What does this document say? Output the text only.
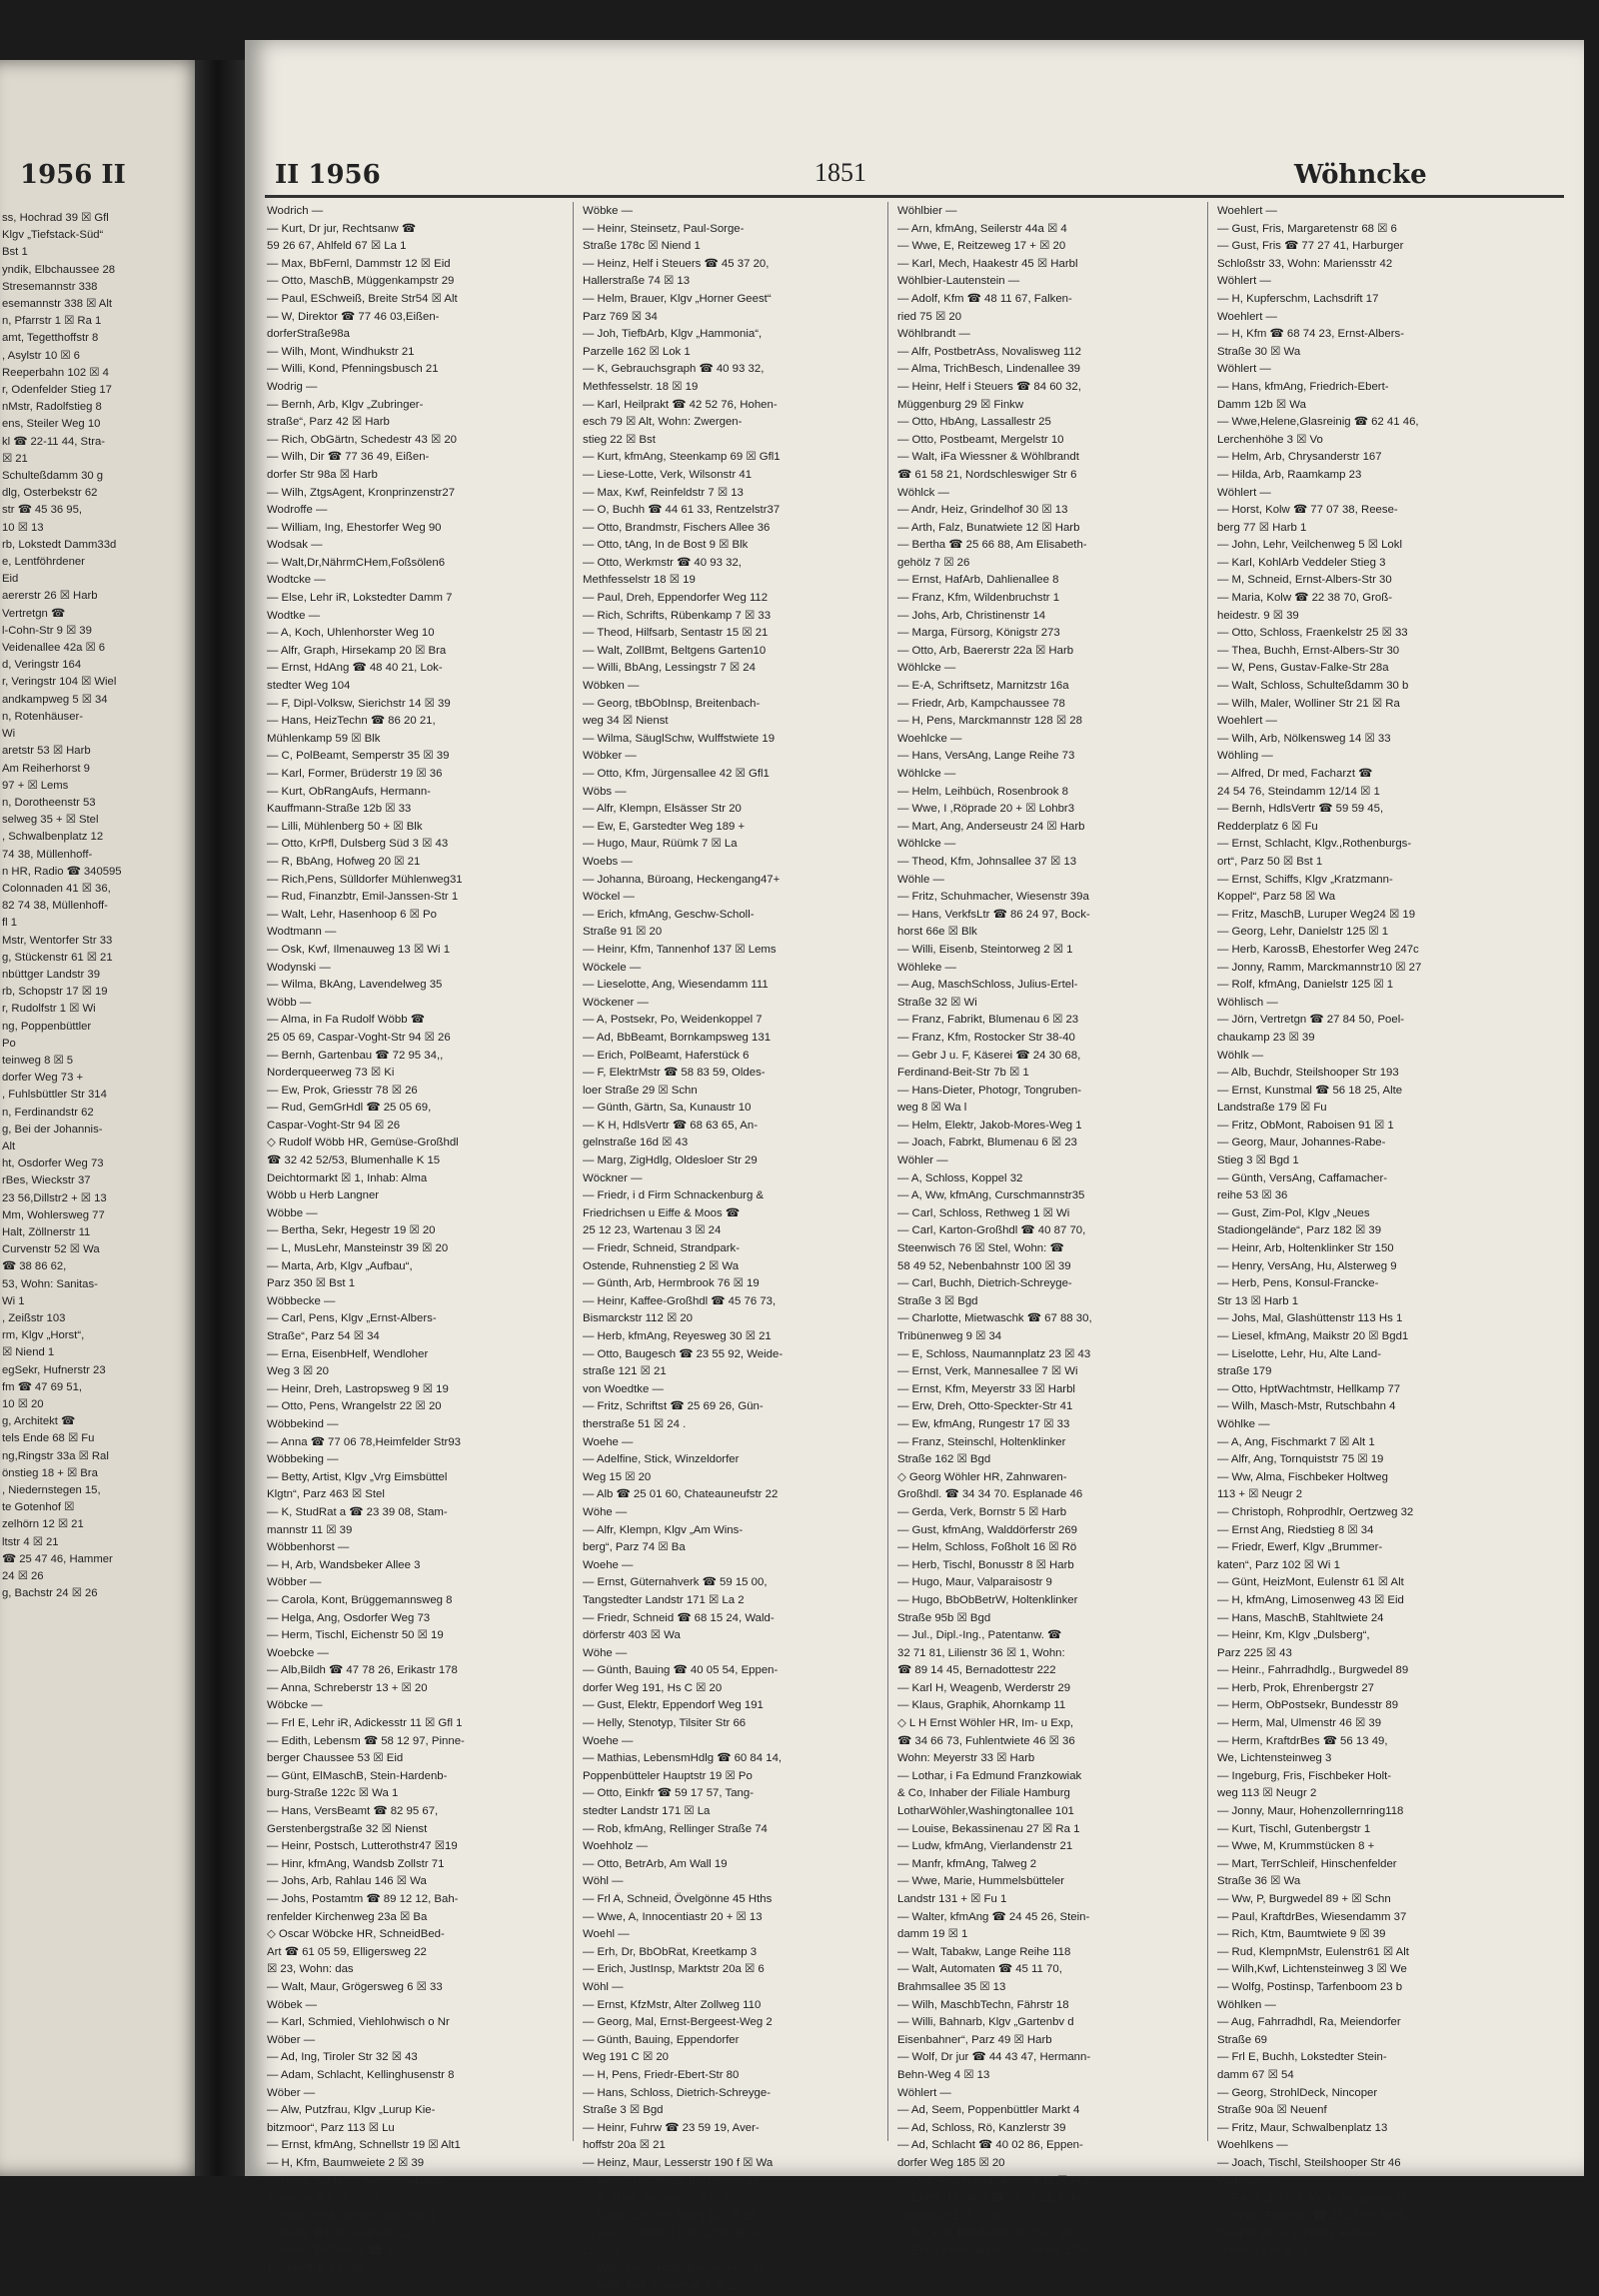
1956 II
ss, Hochrad 39 ☒ Gfl
Klgv „Tiefstack-Süd“
Bst 1
yndik, Elbchaussee 28
Stresemannstr 338
esemannstr 338 ☒ Alt
n, Pfarrstr 1 ☒ Ra 1
amt, Tegetthoffstr 8
, Asylstr 10 ☒ 6
Reeperbahn 102 ☒ 4
r, Odenfelder Stieg 17
nMstr, Radolfstieg 8
ens, Steiler Weg 10
kl ☎ 22-11 44, Stra-
☒ 21
Schulteßdamm 30 g
dlg, Osterbekstr 62
str ☎ 45 36 95,
10 ☒ 13
rb, Lokstedt Damm33d
e, Lentföhrdener
Eid
aererstr 26 ☒ Harb
Vertretgn ☎
l-Cohn-Str 9 ☒ 39
Veidenallee 42a ☒ 6
d, Veringstr 164
r, Veringstr 104 ☒ Wiel
andkampweg 5 ☒ 34
n, Rotenhäuser-
Wi
aretstr 53 ☒ Harb
Am Reiherhorst 9
97 + ☒ Lems
n, Dorotheenstr 53
selweg 35 + ☒ Stel
, Schwalbenplatz 12
74 38, Müllenhoff-
n HR, Radio ☎ 340595
Colonnaden 41 ☒ 36,
82 74 38, Müllenhoff-
fl 1
Mstr, Wentorfer Str 33
g, Stückenstr 61 ☒ 21
nbüttger Landstr 39
rb, Schopstr 17 ☒ 19
r, Rudolfstr 1 ☒ Wi
ng, Poppenbüttler
Po
teinweg 8 ☒ 5
dorfer Weg 73 +
, Fuhlsbüttler Str 314
n, Ferdinandstr 62
g, Bei der Johannis-
Alt
ht, Osdorfer Weg 73
rBes, Wieckstr 37
23 56,Dillstr2 + ☒ 13
Mm, Wohlersweg 77
Halt, Zöllnerstr 11
Curvenstr 52 ☒ Wa
☎ 38 86 62,
53, Wohn: Sanitas-
Wi 1
, Zeißstr 103
rm, Klgv „Horst“,
☒ Niend 1
egSekr, Hufnerstr 23
fm ☎ 47 69 51,
10 ☒ 20
g, Architekt ☎
tels Ende 68 ☒ Fu
ng,Ringstr 33a ☒ Ral
önstieg 18 + ☒ Bra
, Niedernstegen 15,
te Gotenhof ☒
zelhörn 12 ☒ 21
ltstr 4 ☒ 21
☎ 25 47 46, Hammer
24 ☒ 26
g, Bachstr 24 ☒ 26
II 1956	1851	Wöhncke
Wodrich —
— Kurt, Dr jur, Rechtsanw ☎
59 26 67, Ahlfeld 67 ☒ La 1
— Max, BbFernl, Dammstr 12 ☒ Eid
— Otto, MaschB, Müggenkampstr 29
— Paul, ESchweiß, Breite Str54 ☒ Alt
— W, Direktor ☎ 77 46 03,Eißen-
dorferStraße98a
— Wilh, Mont, Windhukstr 21
— Willi, Kond, Pfenningsbusch 21
Wodrig —
— Bernh, Arb, Klgv „Zubringer-
straße“, Parz 42 ☒ Harb
— Rich, ObGärtn, Schedestr 43 ☒ 20
— Wilh, Dir ☎ 77 36 49, Eißen-
dorfer Str 98a ☒ Harb
— Wilh, ZtgsAgent, Kronprinzenstr27
Wodroffe —
— William, Ing, Ehestorfer Weg 90
Wodsak —
— Walt,Dr,NährmCHem,Foßsölen6
Wodtcke —
— Else, Lehr iR, Lokstedter Damm 7
Wodtke —
— A, Koch, Uhlenhorster Weg 10
— Alfr, Graph, Hirsekamp 20 ☒ Bra
— Ernst, HdAng ☎ 48 40 21, Lok-
stedter Weg 104
— F, Dipl-Volksw, Sierichstr 14 ☒ 39
— Hans, HeizTechn ☎ 86 20 21,
Mühlenkamp 59 ☒ Blk
— C, PolBeamt, Semperstr 35 ☒ 39
— Karl, Former, Brüderstr 19 ☒ 36
— Kurt, ObRangAufs, Hermann-
Kauffmann-Straße 12b ☒ 33
— Lilli, Mühlenberg 50 + ☒ Blk
— Otto, KrPfl, Dulsberg Süd 3 ☒ 43
— R, BbAng, Hofweg 20 ☒ 21
— Rich,Pens, Sülldorfer Mühlenweg31
— Rud, Finanzbtr, Emil-Janssen-Str 1
— Walt, Lehr, Hasenhoop 6 ☒ Po
Wodtmann —
— Osk, Kwf, Ilmenauweg 13 ☒ Wi 1
Wodynski —
— Wilma, BkAng, Lavendelweg 35
Wöbb —
— Alma, in Fa Rudolf Wöbb ☎
25 05 69, Caspar-Voght-Str 94 ☒ 26
— Bernh, Gartenbau ☎ 72 95 34,,
Norderqueerweg 73 ☒ Ki
— Ew, Prok, Griesstr 78 ☒ 26
— Rud, GemGrHdl ☎ 25 05 69,
Caspar-Voght-Str 94 ☒ 26
◇ Rudolf Wöbb HR, Gemüse-Großhdl
☎ 32 42 52/53, Blumenhalle K 15
Deichtormarkt ☒ 1, Inhab: Alma
Wöbb u Herb Langner
Wöbbe —
— Bertha, Sekr, Hegestr 19 ☒ 20
— L, MusLehr, Mansteinstr 39 ☒ 20
— Marta, Arb, Klgv „Aufbau“,
Parz 350 ☒ Bst 1
Wöbbecke —
— Carl, Pens, Klgv „Ernst-Albers-
Straße“, Parz 54 ☒ 34
— Erna, EisenbHelf, Wendloher
Weg 3 ☒ 20
— Heinr, Dreh, Lastropsweg 9 ☒ 19
— Otto, Pens, Wrangelstr 22 ☒ 20
Wöbbekind —
— Anna ☎ 77 06 78,Heimfelder Str93
Wöbbeking —
— Betty, Artist, Klgv „Vrg Eimsbüttel
Klgtn“, Parz 463 ☒ Stel
— K, StudRat a ☎ 23 39 08, Stam-
mannstr 11 ☒ 39
Wöbbenhorst —
— H, Arb, Wandsbeker Allee 3
Wöbber —
— Carola, Kont, Brüggemannsweg 8
— Helga, Ang, Osdorfer Weg 73
— Herm, Tischl, Eichenstr 50 ☒ 19
Woebcke —
— Alb,Bildh ☎ 47 78 26, Erikastr 178
— Anna, Schreberstr 13 + ☒ 20
Wöbcke —
— Frl E, Lehr iR, Adickesstr 11 ☒ Gfl 1
— Edith, Lebensm ☎ 58 12 97, Pinne-
berger Chaussee 53 ☒ Eid
— Günt, ElMaschB, Stein-Hardenb-
burg-Straße 122c ☒ Wa 1
— Hans, VersBeamt ☎ 82 95 67,
Gerstenbergstraße 32 ☒ Nienst
— Heinr, Postsch, Lutterothstr47 ☒19
— Hinr, kfmAng, Wandsb Zollstr 71
— Johs, Arb, Rahlau 146 ☒ Wa
— Johs, Postamtm ☎ 89 12 12, Bah-
renfelder Kirchenweg 23a ☒ Ba
◇ Oscar Wöbcke HR, SchneidBed-
Art ☎ 61 05 59, Elligersweg 22
☒ 23, Wohn: das
— Walt, Maur, Grögersweg 6 ☒ 33
Wöbek —
— Karl, Schmied, Viehlohwisch o Nr
Wöber —
— Ad, Ing, Tiroler Str 32 ☒ 43
— Adam, Schlacht, Kellinghusenstr 8
Wöber —
— Alw, Putzfrau, Klgv „Lurup Kie-
bitzmoor“, Parz 113 ☒ Lu
— Ernst, kfmAng, Schnellstr 19 ☒ Alt1
— H, Kfm, Baumweiete 2 ☒ 39
— Hans, Schlacht, Hermann-Kauff-
mann-Straße 80 ☒ 33
— Hans, Kwf, von-der-Tann-Str 4
— Harry, Buchb, Rothestr 11
— Heinr, BbObInsp ☎ 38 60 64,
Keindorffstr 2 ☒ 39
Wöbke —
— Heinr, Steinsetz, Paul-Sorge-
Straße 178c ☒ Niend 1
— Heinz, Helf i Steuers ☎ 45 37 20,
Hallerstraße 74 ☒ 13
— Helm, Brauer, Klgv „Horner Geest“
Parz 769 ☒ 34
— Joh, TiefbArb, Klgv „Hammonia“,
Parzelle 162 ☒ Lok 1
— K, Gebrauchsgraph ☎ 40 93 32,
Methfesselstr. 18 ☒ 19
— Karl, Heilprakt ☎ 42 52 76, Hohen-
esch 79 ☒ Alt, Wohn: Zwergen-
stieg 22 ☒ Bst
— Kurt, kfmAng, Steenkamp 69 ☒ Gfl1
— Liese-Lotte, Verk, Wilsonstr 41
— Max, Kwf, Reinfeldstr 7 ☒ 13
— O, Buchh ☎ 44 61 33, Rentzelstr37
— Otto, Brandmstr, Fischers Allee 36
— Otto, tAng, In de Bost 9 ☒ Blk
— Otto, Werkmstr ☎ 40 93 32,
Methfesselstr 18 ☒ 19
— Paul, Dreh, Eppendorfer Weg 112
— Rich, Schrifts, Rübenkamp 7 ☒ 33
— Theod, Hilfsarb, Sentastr 15 ☒ 21
— Walt, ZollBmt, Beltgens Garten10
— Willi, BbAng, Lessingstr 7 ☒ 24
Wöbken —
— Georg, tBbObInsp, Breitenbach-
weg 34 ☒ Nienst
— Wilma, SäuglSchw, Wulffstwiete 19
Wöbker —
— Otto, Kfm, Jürgensallee 42 ☒ Gfl1
Wöbs —
— Alfr, Klempn, Elsässer Str 20
— Ew, E, Garstedter Weg 189 +
— Hugo, Maur, Rüümk 7 ☒ La
Woebs —
— Johanna, Büroang, Heckengang47+
Wöckel —
— Erich, kfmAng, Geschw-Scholl-
Straße 91 ☒ 20
— Heinr, Kfm, Tannenhof 137 ☒ Lems
Wöckele —
— Lieselotte, Ang, Wiesendamm 111
Wöckener —
— A, Postsekr, Po, Weidenkoppel 7
— Ad, BbBeamt, Bornkampsweg 131
— Erich, PolBeamt, Haferstück 6
— F, ElektrMstr ☎ 58 83 59, Oldes-
loer Straße 29 ☒ Schn
— Günth, Gärtn, Sa, Kunaustr 10
— K H, HdlsVertr ☎ 68 63 65, An-
gelnstraße 16d ☒ 43
— Marg, ZigHdlg, Oldesloer Str 29
Wöckner —
— Friedr, i d Firm Schnackenburg &
Friedrichsen u Eiffe & Moos ☎
25 12 23, Wartenau 3 ☒ 24
— Friedr, Schneid, Strandpark-
Ostende, Ruhnenstieg 2 ☒ Wa
— Günth, Arb, Hermbrook 76 ☒ 19
— Heinr, Kaffee-Großhdl ☎ 45 76 73,
Bismarckstr 112 ☒ 20
— Herb, kfmAng, Reyesweg 30 ☒ 21
— Otto, Baugesch ☎ 23 55 92, Weide-
straße 121 ☒ 21
von Woedtke —
— Fritz, Schriftst ☎ 25 69 26, Gün-
therstraße 51 ☒ 24 .
Woehe —
— Adelfine, Stick, Winzeldorfer
Weg 15 ☒ 20
— Alb ☎ 25 01 60, Chateauneufstr 22
Wöhe —
— Alfr, Klempn, Klgv „Am Wins-
berg“, Parz 74 ☒ Ba
Woehe —
— Ernst, Güternahverk ☎ 59 15 00,
Tangstedter Landstr 171 ☒ La 2
— Friedr, Schneid ☎ 68 15 24, Wald-
dörferstr 403 ☒ Wa
Wöhe —
— Günth, Bauing ☎ 40 05 54, Eppen-
dorfer Weg 191, Hs C ☒ 20
— Gust, Elektr, Eppendorf Weg 191
— Helly, Stenotyp, Tilsiter Str 66
Woehe —
— Mathias, LebensmHdlg ☎ 60 84 14,
Poppenbütteler Hauptstr 19 ☒ Po
— Otto, Einkfr ☎ 59 17 57, Tang-
stedter Landstr 171 ☒ La
— Rob, kfmAng, Rellinger Straße 74
Woehholz —
— Otto, BetrArb, Am Wall 19
Wöhl —
— Frl A, Schneid, Övelgönne 45 Hths
— Wwe, A, Innocentiastr 20 + ☒ 13
Woehl —
— Erh, Dr, BbObRat, Kreetkamp 3
— Erich, JustInsp, Marktstr 20a ☒ 6
Wöhl —
— Ernst, KfzMstr, Alter Zollweg 110
— Georg, Mal, Ernst-Bergeest-Weg 2
— Günth, Bauing, Eppendorfer
Weg 191 C ☒ 20
— H, Pens, Friedr-Ebert-Str 80
— Hans, Schloss, Dietrich-Schreyge-
Straße 3 ☒ Bgd
— Heinr, Fuhrw ☎ 23 59 19, Aver-
hoffstr 20a ☒ 21
— Heinz, Maur, Lesserstr 190 f ☒ Wa
— Herm, TischlMstr, Böckelweg 18
— K, Mont, Wohlwillstr 7 ☒ 4
— Ludw, Zim, Heußweg 108 ☒ 19
— Paul, Schuhm., Loh, Lohbrügger
Landstr 36
— Wilh, Ladgskontr, Reimarusstr 17
— Willy, Kwf, Knauerstr 9 ☒ 20
Wöhlbier —
— Arn, kfmAng, Seilerstr 44a ☒ 4
— Wwe, E, Reitzeweg 17 + ☒ 20
— Karl, Mech, Haakestr 45 ☒ Harbl
Wöhlbier-Lautenstein —
— Adolf, Kfm ☎ 48 11 67, Falken-
ried 75 ☒ 20
Wöhlbrandt —
— Alfr, PostbetrAss, Novalisweg 112
— Alma, TrichBesch, Lindenallee 39
— Heinr, Helf i Steuers ☎ 84 60 32,
Müggenburg 29 ☒ Finkw
— Otto, HbAng, Lassallestr 25
— Otto, Postbeamt, Mergelstr 10
— Walt, iFa Wiessner & Wöhlbrandt
☎ 61 58 21, Nordschleswiger Str 6
Wöhlck —
— Andr, Heiz, Grindelhof 30 ☒ 13
— Arth, Falz, Bunatwiete 12 ☒ Harb
— Bertha ☎ 25 66 88, Am Elisabeth-
gehölz 7 ☒ 26
— Ernst, HafArb, Dahlienallee 8
— Franz, Kfm, Wildenbruchstr 1
— Johs, Arb, Christinenstr 14
— Marga, Fürsorg, Königstr 273
— Otto, Arb, Baererstr 22a ☒ Harb
Wöhlcke —
— E-A, Schriftsetz, Marnitzstr 16a
— Friedr, Arb, Kampchaussee 78
— H, Pens, Marckmannstr 128 ☒ 28
Woehlcke —
— Hans, VersAng, Lange Reihe 73
Wöhlcke —
— Helm, Leihbüch, Rosenbrook 8
— Wwe, I ,Röprade 20 + ☒ Lohbr3
— Mart, Ang, Anderseustr 24 ☒ Harb
Wöhlcke —
— Theod, Kfm, Johnsallee 37 ☒ 13
Wöhle —
— Fritz, Schuhmacher, Wiesenstr 39a
— Hans, VerkfsLtr ☎ 86 24 97, Bock-
horst 66e ☒ Blk
— Willi, Eisenb, Steintorweg 2 ☒ 1
Wöhleke —
— Aug, MaschSchloss, Julius-Ertel-
Straße 32 ☒ Wi
— Franz, Fabrikt, Blumenau 6 ☒ 23
— Franz, Kfm, Rostocker Str 38-40
— Gebr J u. F, Käserei ☎ 24 30 68,
Ferdinand-Beit-Str 7b ☒ 1
— Hans-Dieter, Photogr, Tongruben-
weg 8 ☒ Wa l
— Helm, Elektr, Jakob-Mores-Weg 1
— Joach, Fabrkt, Blumenau 6 ☒ 23
Wöhler —
— A, Schloss, Koppel 32
— A, Ww, kfmAng, Curschmannstr35
— Carl, Schloss, Rethweg 1 ☒ Wi
— Carl, Karton-Großhdl ☎ 40 87 70,
Steenwisch 76 ☒ Stel, Wohn: ☎
58 49 52, Nebenbahnstr 100 ☒ 39
— Carl, Buchh, Dietrich-Schreyge-
Straße 3 ☒ Bgd
— Charlotte, Mietwaschk ☎ 67 88 30,
Tribünenweg 9 ☒ 34
— E, Schloss, Naumannplatz 23 ☒ 43
— Ernst, Verk, Mannesallee 7 ☒ Wi
— Ernst, Kfm, Meyerstr 33 ☒ Harbl
— Erw, Dreh, Otto-Speckter-Str 41
— Ew, kfmAng, Rungestr 17 ☒ 33
— Franz, Steinschl, Holtenklinker
Straße 162 ☒ Bgd
◇ Georg Wöhler HR, Zahnwaren-
Großhdl. ☎ 34 34 70. Esplanade 46
— Gerda, Verk, Bornstr 5 ☒ Harb
— Gust, kfmAng, Walddörferstr 269
— Helm, Schloss, Foßholt 16 ☒ Rö
— Herb, Tischl, Bonusstr 8 ☒ Harb
— Hugo, Maur, Valparaisostr 9
— Hugo, BbObBetrW, Holtenklinker
Straße 95b ☒ Bgd
— Jul., Dipl.-Ing., Patentanw. ☎
32 71 81, Lilienstr 36 ☒ 1, Wohn:
☎ 89 14 45, Bernadottestr 222
— Karl H, Weagenb, Werderstr 29
— Klaus, Graphik, Ahornkamp 11
◇ L H Ernst Wöhler HR, Im- u Exp,
☎ 34 66 73, Fuhlentwiete 46 ☒ 36
Wohn: Meyerstr 33 ☒ Harb
— Lothar, i Fa Edmund Franzkowiak
& Co, Inhaber der Filiale Hamburg
LotharWöhler,Washingtonallee 101
— Louise, Bekassinenau 27 ☒ Ra 1
— Ludw, kfmAng, Vierlandenstr 21
— Manfr, kfmAng, Talweg 2
— Wwe, Marie, Hummelsbütteler
Landstr 131 + ☒ Fu 1
— Walter, kfmAng ☎ 24 45 26, Stein-
damm 19 ☒ 1
— Walt, Tabakw, Lange Reihe 118
— Walt, Automaten ☎ 45 11 70,
Brahmsallee 35 ☒ 13
— Wilh, MaschbTechn, Fährstr 18
— Willi, Bahnarb, Klgv „Gartenbv d
Eisenbahner“, Parz 49 ☒ Harb
— Wolf, Dr jur ☎ 44 43 47, Hermann-
Behn-Weg 4 ☒ 13
Wöhlert —
— Ad, Seem, Poppenbüttler Markt 4
— Ad, Schloss, Rö, Kanzlerstr 39
— Ad, Schlacht ☎ 40 02 86, Eppen-
dorfer Weg 185 ☒ 20
— Carl, Arb, Hagebökenholt 11 ☒ Fu1
— Eberh, kfmAng ☎ 63 79 22, Fabri-
ciusstraße 179 ☒ 33
— Ed, Kwf, Borgfelder Str 24 ☒ 26
— Erna, Pens, Ahrensburger Str 133b
Woehlert —
— Gust, Fris, Margaretenstr 68 ☒ 6
— Gust, Fris ☎ 77 27 41, Harburger
Schloßstr 33, Wohn: Mariensstr 42
Wöhlert —
— H, Kupferschm, Lachsdrift 17
Woehlert —
— H, Kfm ☎ 68 74 23, Ernst-Albers-
Straße 30 ☒ Wa
Wöhlert —
— Hans, kfmAng, Friedrich-Ebert-
Damm 12b ☒ Wa
— Wwe,Helene,Glasreinig ☎ 62 41 46,
Lerchenhöhe 3 ☒ Vo
— Helm, Arb, Chrysanderstr 167
— Hilda, Arb, Raamkamp 23
Wöhlert —
— Horst, Kolw ☎ 77 07 38, Reese-
berg 77 ☒ Harb 1
— John, Lehr, Veilchenweg 5 ☒ Lokl
— Karl, KohlArb Veddeler Stieg 3
— M, Schneid, Ernst-Albers-Str 30
— Maria, Kolw ☎ 22 38 70, Groß-
heidestr. 9 ☒ 39
— Otto, Schloss, Fraenkelstr 25 ☒ 33
— Thea, Buchh, Ernst-Albers-Str 30
— W, Pens, Gustav-Falke-Str 28a
— Walt, Schloss, Schulteßdamm 30 b
— Wilh, Maler, Wolliner Str 21 ☒ Ra
Woehlert —
— Wilh, Arb, Nölkensweg 14 ☒ 33
Wöhling —
— Alfred, Dr med, Facharzt ☎
24 54 76, Steindamm 12/14 ☒ 1
— Bernh, HdlsVertr ☎ 59 59 45,
Redderplatz 6 ☒ Fu
— Ernst, Schlacht, Klgv.,Rothenburgs-
ort“, Parz 50 ☒ Bst 1
— Ernst, Schiffs, Klgv „Kratzmann-
Koppel“, Parz 58 ☒ Wa
— Fritz, MaschB, Luruper Weg24 ☒ 19
— Georg, Lehr, Danielstr 125 ☒ 1
— Herb, KarossB, Ehestorfer Weg 247c
— Jonny, Ramm, Marckmannstr10 ☒ 27
— Rolf, kfmAng, Danielstr 125 ☒ 1
Wöhlisch —
— Jörn, Vertretgn ☎ 27 84 50, Poel-
chaukamp 23 ☒ 39
Wöhlk —
— Alb, Buchdr, Steilshooper Str 193
— Ernst, Kunstmal ☎ 56 18 25, Alte
Landstraße 179 ☒ Fu
— Fritz, ObMont, Raboisen 91 ☒ 1
— Georg, Maur, Johannes-Rabe-
Stieg 3 ☒ Bgd 1
— Günth, VersAng, Caffamacher-
reihe 53 ☒ 36
— Gust, Zim-Pol, Klgv „Neues
Stadiongelände“, Parz 182 ☒ 39
— Heinr, Arb, Holtenklinker Str 150
— Henry, VersAng, Hu, Alsterweg 9
— Herb, Pens, Konsul-Francke-
Str 13 ☒ Harb 1
— Johs, Mal, Glashüttenstr 113 Hs 1
— Liesel, kfmAng, Maikstr 20 ☒ Bgd1
— Liselotte, Lehr, Hu, Alte Land-
straße 179
— Otto, HptWachtmstr, Hellkamp 77
— Wilh, Masch-Mstr, Rutschbahn 4
Wöhlke —
— A, Ang, Fischmarkt 7 ☒ Alt 1
— Alfr, Ang, Tornquiststr 75 ☒ 19
— Ww, Alma, Fischbeker Holtweg
113 + ☒ Neugr 2
— Christoph, Rohprodhlr, Oertzweg 32
— Ernst Ang, Riedstieg 8 ☒ 34
— Friedr, Ewerf, Klgv „Brummer-
katen“, Parz 102 ☒ Wi 1
— Günt, HeizMont, Eulenstr 61 ☒ Alt
— H, kfmAng, Limosenweg 43 ☒ Eid
— Hans, MaschB, Stahltwiete 24
— Heinr, Km, Klgv „Dulsberg“,
Parz 225 ☒ 43
— Heinr., Fahrradhdlg., Burgwedel 89
— Herb, Prok, Ehrenbergstr 27
— Herm, ObPostsekr, Bundesstr 89
— Herm, Mal, Ulmenstr 46 ☒ 39
— Herm, KraftdrBes ☎ 56 13 49,
We, Lichtensteinweg 3
— Ingeburg, Fris, Fischbeker Holt-
weg 113 ☒ Neugr 2
— Jonny, Maur, Hohenzollernring118
— Kurt, Tischl, Gutenbergstr 1
— Wwe, M, Krummstücken 8 +
— Mart, TerrSchleif, Hinschenfelder
Straße 36 ☒ Wa
— Ww, P, Burgwedel 89 + ☒ Schn
— Paul, KraftdrBes, Wiesendamm 37
— Rich, Ktm, Baumtwiete 9 ☒ 39
— Rud, KlempnMstr, Eulenstr61 ☒ Alt
— Wilh,Kwf, Lichtensteinweg 3 ☒ We
— Wolfg, Postinsp, Tarfenboom 23 b
Wöhlken —
— Aug, Fahrradhdl, Ra, Meiendorfer
Straße 69
— Frl E, Buchh, Lokstedter Stein-
damm 67 ☒ 54
— Georg, StrohlDeck, Nincoper
Straße 90a ☒ Neuenf
— Fritz, Maur, Schwalbenplatz 13
Woehlkens —
— Joach, Tischl, Steilshooper Str 46
Wöhncke —
— Friedr, ZimPol, Mellenbergsweg 91
— Herm, Rohprod ☎ 24 27 06, Bock-
mannstr 24 ☒ 1, Wohn: Fieken-
dorfweg 130 ☒ 33
